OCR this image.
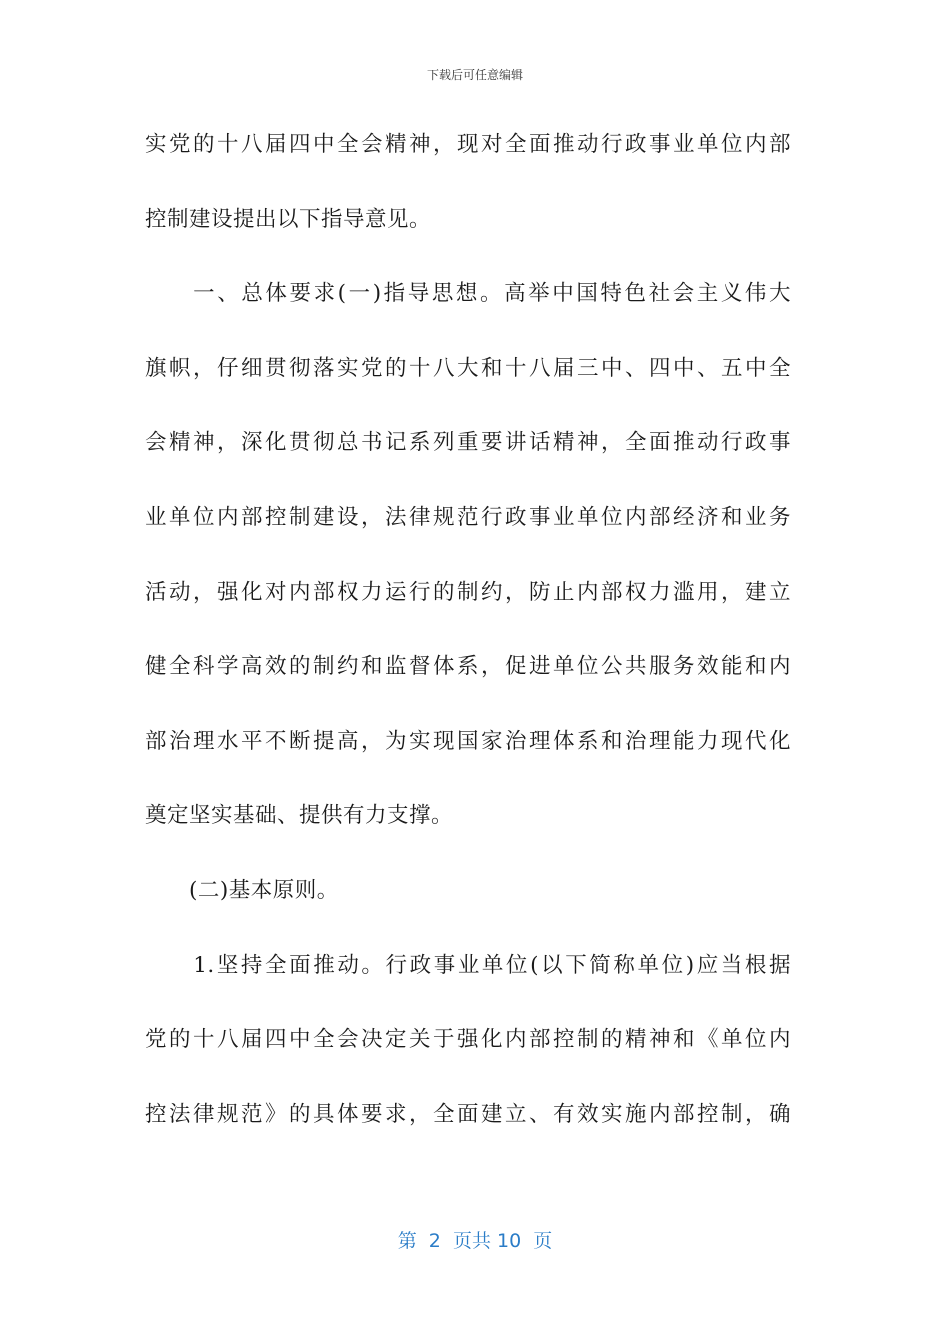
下载后可任意编辑
实党的十八届四中全会精神，现对全面推动行政事业单位内部
控制建设提出以下指导意见。
　　一、总体要求(一)指导思想。高举中国特色社会主义伟大
旗帜，仔细贯彻落实党的十八大和十八届三中、四中、五中全
会精神，深化贯彻总书记系列重要讲话精神，全面推动行政事
业单位内部控制建设，法律规范行政事业单位内部经济和业务
活动，强化对内部权力运行的制约，防止内部权力滥用，建立
健全科学高效的制约和监督体系，促进单位公共服务效能和内
部治理水平不断提高，为实现国家治理体系和治理能力现代化
奠定坚实基础、提供有力支撑。
　　(二)基本原则。
　　1.坚持全面推动。行政事业单位(以下简称单位)应当根据
党的十八届四中全会决定关于强化内部控制的精神和《单位内
控法律规范》的具体要求，全面建立、有效实施内部控制，确
第  2  页共 10  页
